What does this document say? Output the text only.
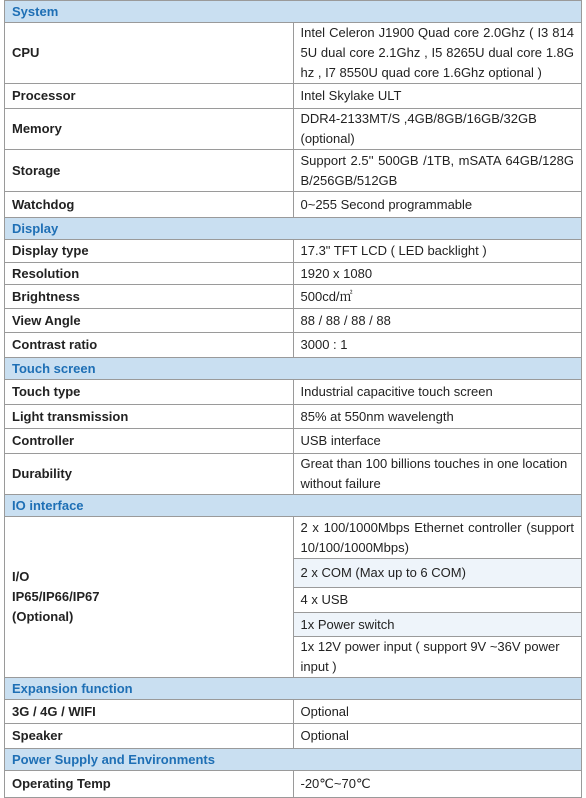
System	
CPU	Intel Celeron J1900 Quad core 2.0Ghz ( I3 8145U dual core 2.1Ghz , I5 8265U dual core 1.8Ghz , I7 8550U quad core 1.6Ghz optional )
Processor	Intel Skylake ULT
Memory	DDR4-2133MT/S ,4GB/8GB/16GB/32GB (optional)
Storage	Support 2.5'' 500GB /1TB, mSATA 64GB/128GB/256GB/512GB
Watchdog	0~255 Second programmable
Display	
Display type	17.3" TFT LCD ( LED backlight )
Resolution	1920 x 1080
Brightness	500cd/㎡
View Angle	88 / 88 / 88 / 88
Contrast ratio	3000 : 1
Touch screen	
Touch type	Industrial capacitive touch screen
Light transmission	85% at 550nm wavelength
Controller	USB interface
Durability	Great than 100 billions touches in one location without failure
IO interface	

I/O
IP65/IP66/IP67
(Optional)	2 x 100/1000Mbps Ethernet controller (support 10/100/1000Mbps)
	2 x COM (Max up to 6 COM)
	4 x USB
	1x Power switch
	1x 12V power input ( support 9V ~36V power input )
Expansion function	
3G / 4G / WIFI	Optional
Speaker	Optional
Power Supply and Environments	
Operating Temp	-20℃~70℃
